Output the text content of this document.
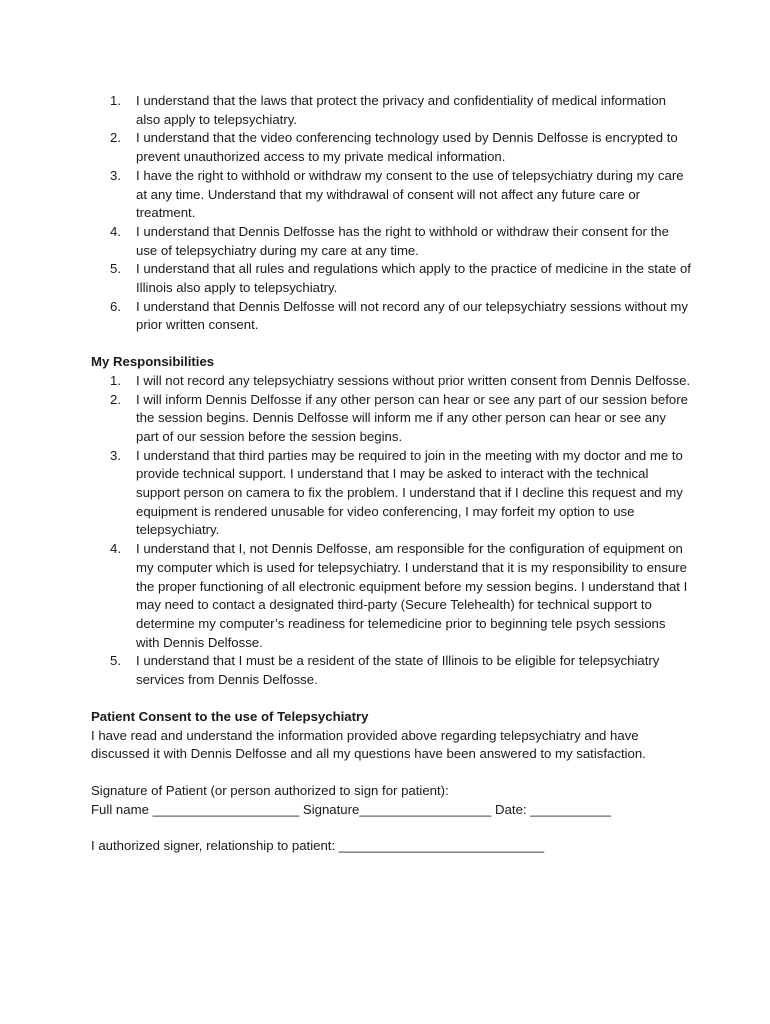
1. I understand that the laws that protect the privacy and confidentiality of medical information also apply to telepsychiatry.
2. I understand that the video conferencing technology used by Dennis Delfosse is encrypted to prevent unauthorized access to my private medical information.
3. I have the right to withhold or withdraw my consent to the use of telepsychiatry during my care at any time. Understand that my withdrawal of consent will not affect any future care or treatment.
4. I understand that Dennis Delfosse has the right to withhold or withdraw their consent for the use of telepsychiatry during my care at any time.
5. I understand that all rules and regulations which apply to the practice of medicine in the state of Illinois also apply to telepsychiatry.
6. I understand that Dennis Delfosse will not record any of our telepsychiatry sessions without my prior written consent.

My Responsibilities

1. I will not record any telepsychiatry sessions without prior written consent from Dennis Delfosse.
2. I will inform Dennis Delfosse if any other person can hear or see any part of our session before the session begins. Dennis Delfosse will inform me if any other person can hear or see any part of our session before the session begins.
3. I understand that third parties may be required to join in the meeting with my doctor and me to provide technical support. I understand that I may be asked to interact with the technical support person on camera to fix the problem. I understand that if I decline this request and my equipment is rendered unusable for video conferencing, I may forfeit my option to use telepsychiatry.
4. I understand that I, not Dennis Delfosse, am responsible for the configuration of equipment on my computer which is used for telepsychiatry. I understand that it is my responsibility to ensure the proper functioning of all electronic equipment before my session begins. I understand that I may need to contact a designated third-party (Secure Telehealth) for technical support to determine my computer’s readiness for telemedicine prior to beginning tele psych sessions with Dennis Delfosse.
5. I understand that I must be a resident of the state of Illinois to be eligible for telepsychiatry services from Dennis Delfosse.

Patient Consent to the use of Telepsychiatry

I have read and understand the information provided above regarding telepsychiatry and have discussed it with Dennis Delfosse and all my questions have been answered to my satisfaction.

Signature of Patient (or person authorized to sign for patient):

Full name ____________________ Signature__________________ Date: ___________

I authorized signer, relationship to patient: ____________________________
